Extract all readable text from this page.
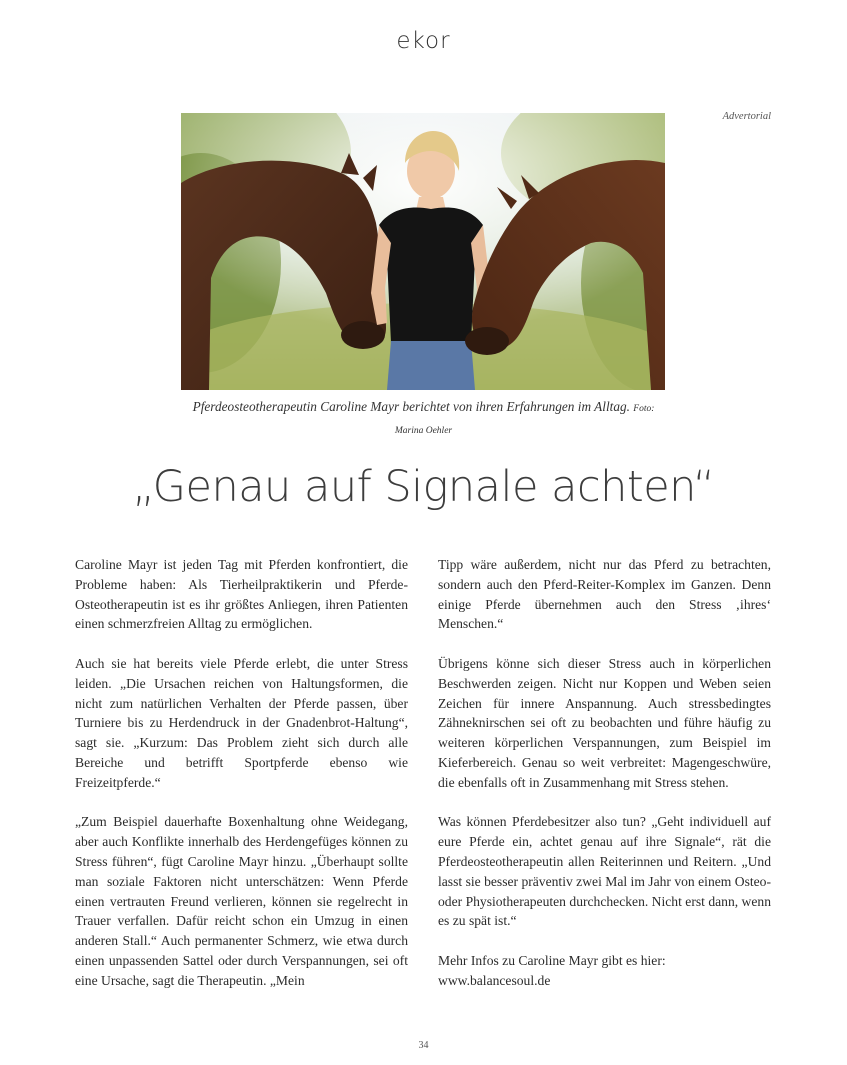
ekor
Advertorial
Pferdeosteotherapeutin Caroline Mayr berichtet von ihren Erfahrungen im Alltag. Foto: Marina Oehler
„Genau auf Signale achten“

Caroline Mayr ist jeden Tag mit Pferden konfrontiert, die Probleme haben: Als Tierheilpraktikerin und Pferde-Osteotherapeutin ist es ihr größtes Anliegen, ihren Patienten einen schmerzfreien Alltag zu ermöglichen.

Auch sie hat bereits viele Pferde erlebt, die unter Stress leiden. „Die Ursachen reichen von Haltungsformen, die nicht zum natürlichen Verhalten der Pferde passen, über Turniere bis zu Herdendruck in der Gnadenbrot-Haltung“, sagt sie. „Kurzum: Das Problem zieht sich durch alle Bereiche und betrifft Sportpferde ebenso wie Freizeitpferde.“

„Zum Beispiel dauerhafte Boxenhaltung ohne Weidegang, aber auch Konflikte innerhalb des Herdengefüges können zu Stress führen“, fügt Caroline Mayr hinzu. „Überhaupt sollte man soziale Faktoren nicht unterschätzen: Wenn Pferde einen vertrauten Freund verlieren, können sie regelrecht in Trauer verfallen. Dafür reicht schon ein Umzug in einen anderen Stall.“ Auch permanenter Schmerz, wie etwa durch einen unpassenden Sattel oder durch Verspannungen, sei oft eine Ursache, sagt die Therapeutin. „Mein

Tipp wäre außerdem, nicht nur das Pferd zu betrachten, sondern auch den Pferd-Reiter-Komplex im Ganzen. Denn einige Pferde übernehmen auch den Stress ‚ihres‘ Menschen.“

Übrigens könne sich dieser Stress auch in körperlichen Beschwerden zeigen. Nicht nur Koppen und Weben seien Zeichen für innere Anspannung. Auch stressbedingtes Zähneknirschen sei oft zu beobachten und führe häufig zu weiteren körperlichen Verspannungen, zum Beispiel im Kieferbereich. Genau so weit verbreitet: Magengeschwüre, die ebenfalls oft in Zusammenhang mit Stress stehen.

Was können Pferdebesitzer also tun? „Geht individuell auf eure Pferde ein, achtet genau auf ihre Signale“, rät die Pferdeosteotherapeutin allen Reiterinnen und Reitern. „Und lasst sie besser präventiv zwei Mal im Jahr von einem Osteo- oder Physiotherapeuten durchchecken. Nicht erst dann, wenn es zu spät ist.“

Mehr Infos zu Caroline Mayr gibt es hier:
www.balancesoul.de

34
